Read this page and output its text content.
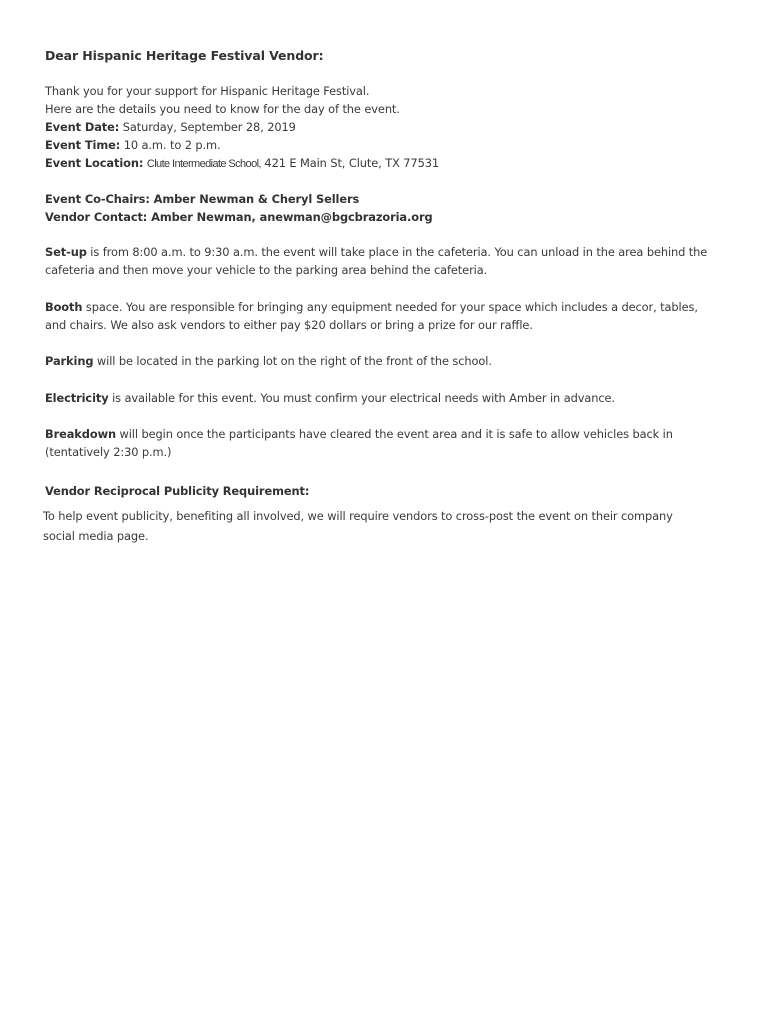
Dear Hispanic Heritage Festival Vendor:
Thank you for your support for Hispanic Heritage Festival.
Here are the details you need to know for the day of the event.
Event Date: Saturday, September 28, 2019
Event Time: 10 a.m. to 2 p.m.
Event Location: Clute Intermediate School, 421 E Main St, Clute, TX 77531
Event Co-Chairs: Amber Newman & Cheryl Sellers
Vendor Contact: Amber Newman, anewman@bgcbrazoria.org
Set-up is from 8:00 a.m. to 9:30 a.m. the event will take place in the cafeteria. You can unload in the area behind the
cafeteria and then move your vehicle to the parking area behind the cafeteria.
Booth space. You are responsible for bringing any equipment needed for your space which includes a decor, tables,
and chairs. We also ask vendors to either pay $20 dollars or bring a prize for our raffle.
Parking will be located in the parking lot on the right of the front of the school.
Electricity is available for this event. You must confirm your electrical needs with Amber in advance.
Breakdown will begin once the participants have cleared the event area and it is safe to allow vehicles back in
(tentatively 2:30 p.m.)
Vendor Reciprocal Publicity Requirement:
To help event publicity, benefiting all involved, we will require vendors to cross-post the event on their company
social media page.
